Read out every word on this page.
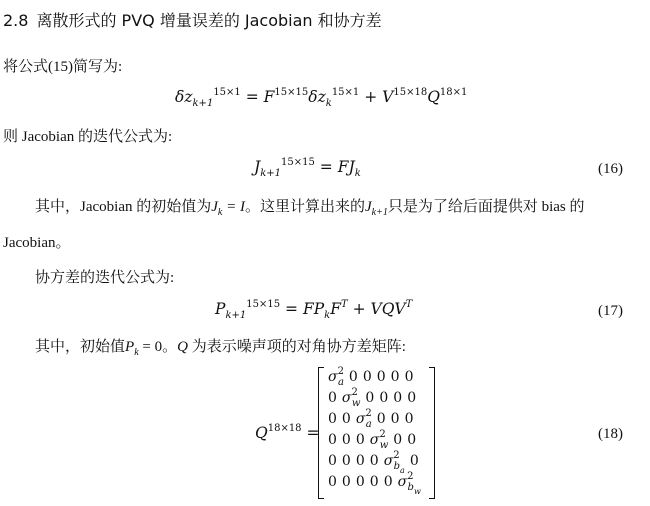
2.8 离散形式的 PVQ 增量误差的 Jacobian 和协方差
将公式(15)简写为:
$\delta z_{k+1}^{15\times 1} = F^{15\times 15}\delta z_k^{15\times 1} + V^{15\times 18}Q^{18\times 1}$
则 Jacobian 的迭代公式为:
$J_{k+1}^{15\times 15} = FJ_k$	(16)
其中，Jacobian 的初始值为$J_k = I$。这里计算出来的$J_{k+1}$只是为了给后面提供对 bias 的
Jacobian。
协方差的迭代公式为:
$P_{k+1}^{15\times 15} = FP_kF^T + VQV^T$	(17)
其中，初始值$P_k = 0$。Q 为表示噪声项的对角协方差矩阵:
$Q^{18\times 18}$ =
$\sigma^2_a$ 0 0 0 0 0
0 $\sigma^2_w$ 0 0 0 0
0 0 $\sigma^2_a$ 0 0 0
0 0 0 $\sigma^2_w$ 0 0
0 0 0 0 $\sigma^2_{b_a}0$
0 0 0 0 0 $\sigma^2_{b_w}$
(18)
